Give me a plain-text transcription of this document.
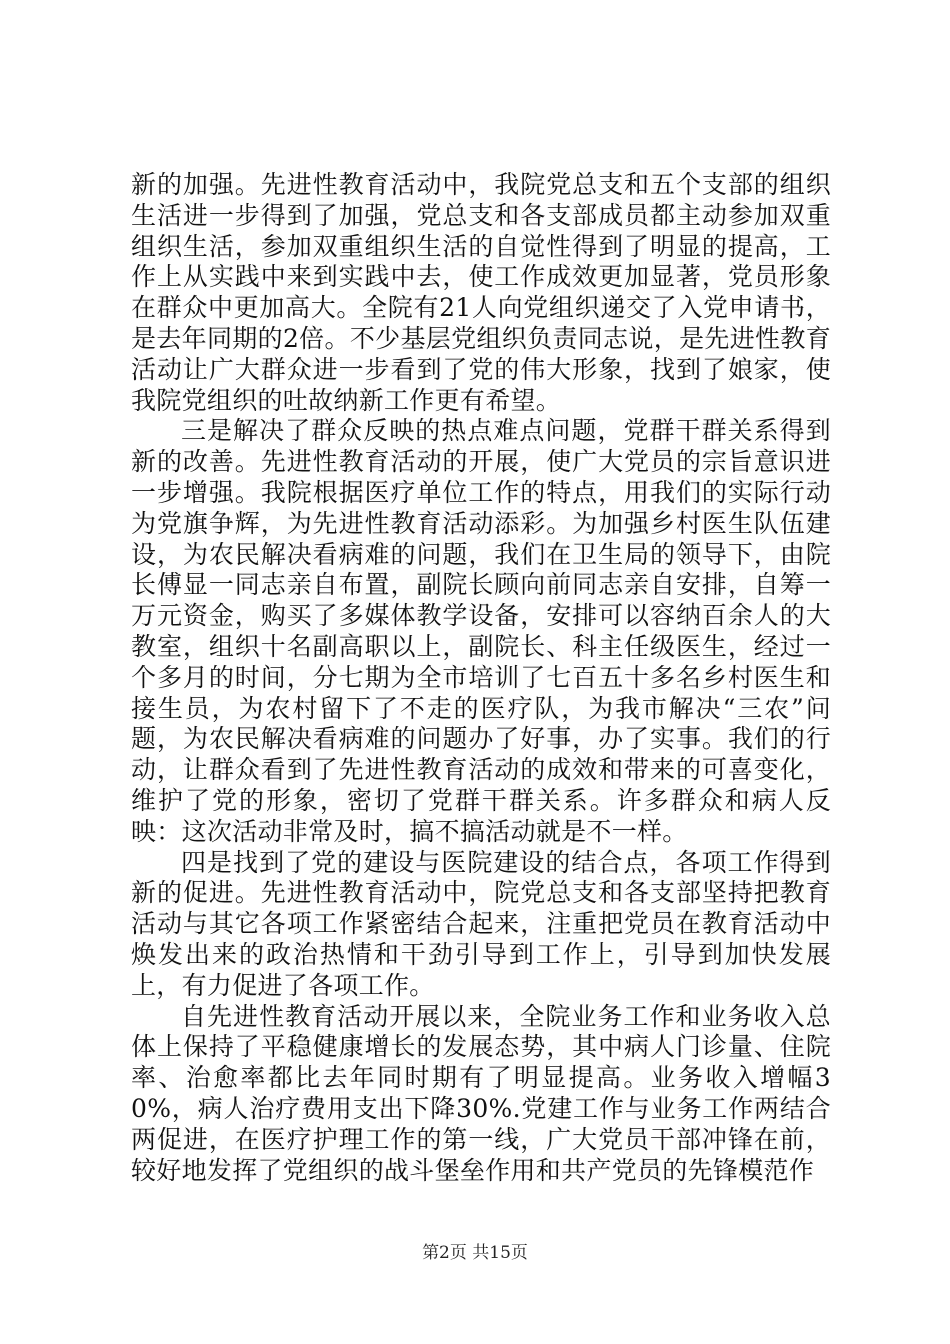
新的加强。先进性教育活动中，我院党总支和五个支部的组织生活进一步得到了加强，党总支和各支部成员都主动参加双重组织生活，参加双重组织生活的自觉性得到了明显的提高，工作上从实践中来到实践中去，使工作成效更加显著，党员形象在群众中更加高大。全院有21人向党组织递交了入党申请书，是去年同期的2倍。不少基层党组织负责同志说，是先进性教育活动让广大群众进一步看到了党的伟大形象，找到了娘家，使我院党组织的吐故纳新工作更有希望。

三是解决了群众反映的热点难点问题，党群干群关系得到新的改善。先进性教育活动的开展，使广大党员的宗旨意识进一步增强。我院根据医疗单位工作的特点，用我们的实际行动为党旗争辉，为先进性教育活动添彩。为加强乡村医生队伍建设，为农民解决看病难的问题，我们在卫生局的领导下，由院长傅显一同志亲自布置，副院长顾向前同志亲自安排，自筹一万元资金，购买了多媒体教学设备，安排可以容纳百余人的大教室，组织十名副高职以上，副院长、科主任级医生，经过一个多月的时间，分七期为全市培训了七百五十多名乡村医生和接生员，为农村留下了不走的医疗队，为我市解决“三农”问题，为农民解决看病难的问题办了好事，办了实事。我们的行动，让群众看到了先进性教育活动的成效和带来的可喜变化，维护了党的形象，密切了党群干群关系。许多群众和病人反映：这次活动非常及时，搞不搞活动就是不一样。

四是找到了党的建设与医院建设的结合点，各项工作得到新的促进。先进性教育活动中，院党总支和各支部坚持把教育活动与其它各项工作紧密结合起来，注重把党员在教育活动中焕发出来的政治热情和干劲引导到工作上，引导到加快发展上，有力促进了各项工作。

自先进性教育活动开展以来，全院业务工作和业务收入总体上保持了平稳健康增长的发展态势，其中病人门诊量、住院率、治愈率都比去年同时期有了明显提高。业务收入增幅30%，病人治疗费用支出下降30%.党建工作与业务工作两结合两促进，在医疗护理工作的第一线，广大党员干部冲锋在前，较好地发挥了党组织的战斗堡垒作用和共产党员的先锋模范作

第2页 共15页
